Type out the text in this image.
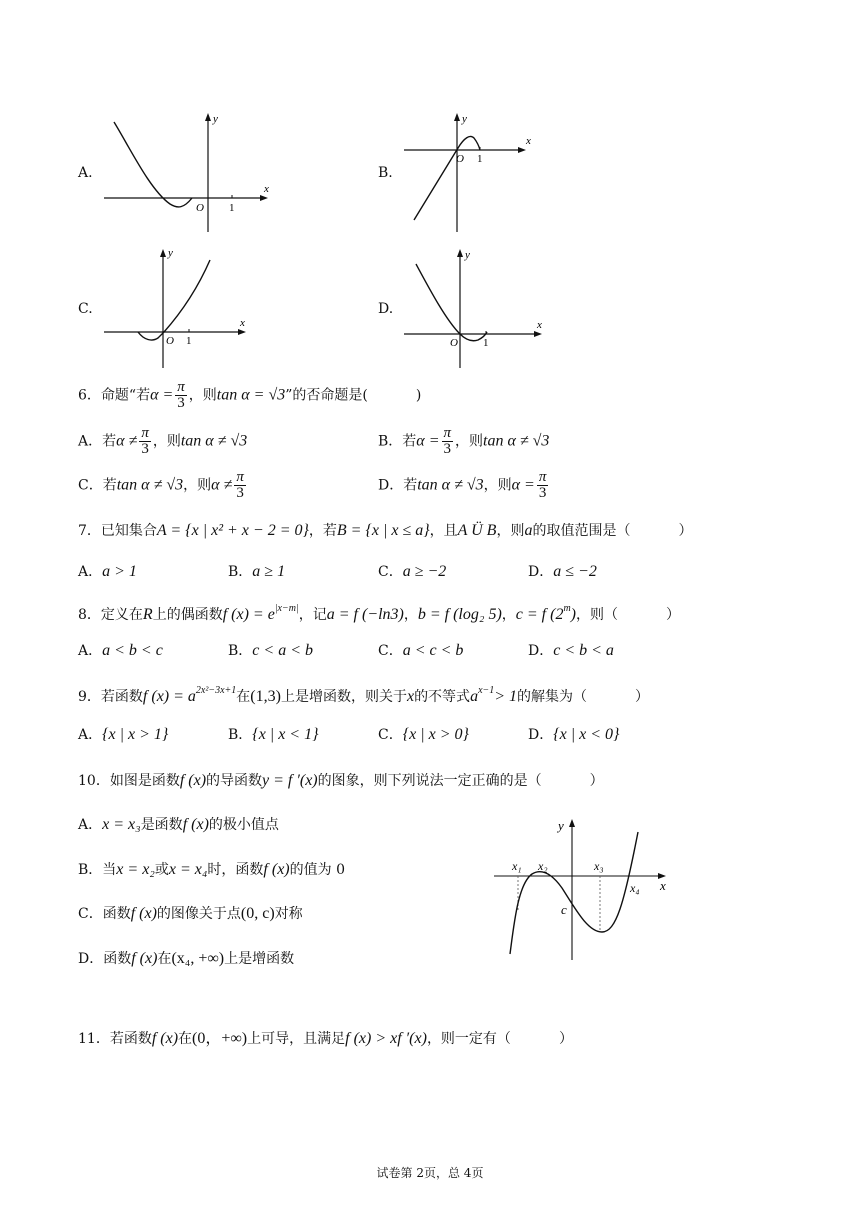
A.
y
x
O 1
B.
y
x
O 1
C.
y
x
O 1
D.
y
x
O 1
6．命题“若$\alpha = \frac{\pi}{3}$ ，则tan α = √3”的否命题是(	)
A．若$\alpha \ne \frac{\pi}{3}$ ，则tan α ≠ √3	B．若$\alpha = \frac{\pi}{3}$ ，则tan α ≠ √3
C．若tan α ≠ √3，则$\alpha \ne \frac{\pi}{3}$	D．若tan α ≠ √3，则$\alpha = \frac{\pi}{3}$
7．已知集合A = {x | x² + x − 2 = 0}，若B = {x | x ≤ a}，且A Ü B，则a的取值范围是（	）
A．a > 1	B．a ≥ 1	C．a ≥ −2	D．a ≤ −2
8．定义在R上的偶函数f $(x) = e^{|x-m|}$，记a = f (−ln3)，b = f (log₂ 5)，c = f (2$^m$)，则（	）
A．a < b < c	B．c < a < b	C．a < c < b	D．c < b < a
9．若函数f $(x) = a^{2x^2-3x+1}$在(1,3)上是增函数，则关于x的不等式$a^{x-1}> 1$的解集为（	）
A．{x | x > 1}	B．{x | x < 1}	C．{x | x > 0}	D．{x | x < 0}
10．如图是函数f (x)的导函数y = f ′(x)的图象，则下列说法一定正确的是（	）
A．x = x₃是函数f (x)的极小值点
B．当x = x₂或x = x₄时，函数f (x)的值为 0
C．函数f (x)的图像关于点(0, c)对称
D．函数f (x)在(x₄, +∞)上是增函数
y
x
x₁ x₂	x₃
x₄
c
11．若函数f (x)在(0，+∞)上可导，且满足f (x) > xf ′(x)，则一定有（	）
试卷第 2页，总 4页
